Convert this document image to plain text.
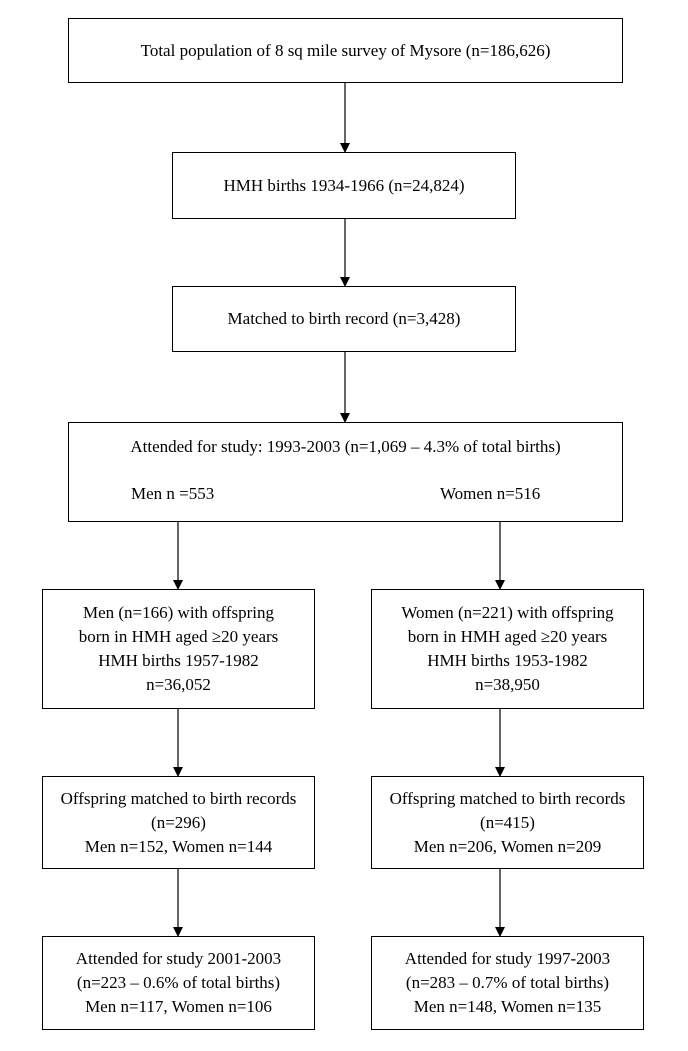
Total population of 8 sq mile survey of Mysore (n=186,626)
HMH births 1934-1966 (n=24,824)
Matched to birth record (n=3,428)
Attended for study: 1993-2003 (n=1,069 – 4.3% of total births)
Men n =553	Women n=516
Men (n=166) with offspring
born in HMH aged ≥20 years
HMH births 1957-1982
n=36,052
Women (n=221) with offspring
born in HMH aged ≥20 years
HMH births 1953-1982
n=38,950
Offspring matched to birth records
(n=296)
Men n=152, Women n=144
Offspring matched to birth records
(n=415)
Men n=206, Women n=209
Attended for study 2001-2003
(n=223 – 0.6% of total births)
Men n=117, Women n=106
Attended for study 1997-2003
(n=283 – 0.7% of total births)
Men n=148, Women n=135
